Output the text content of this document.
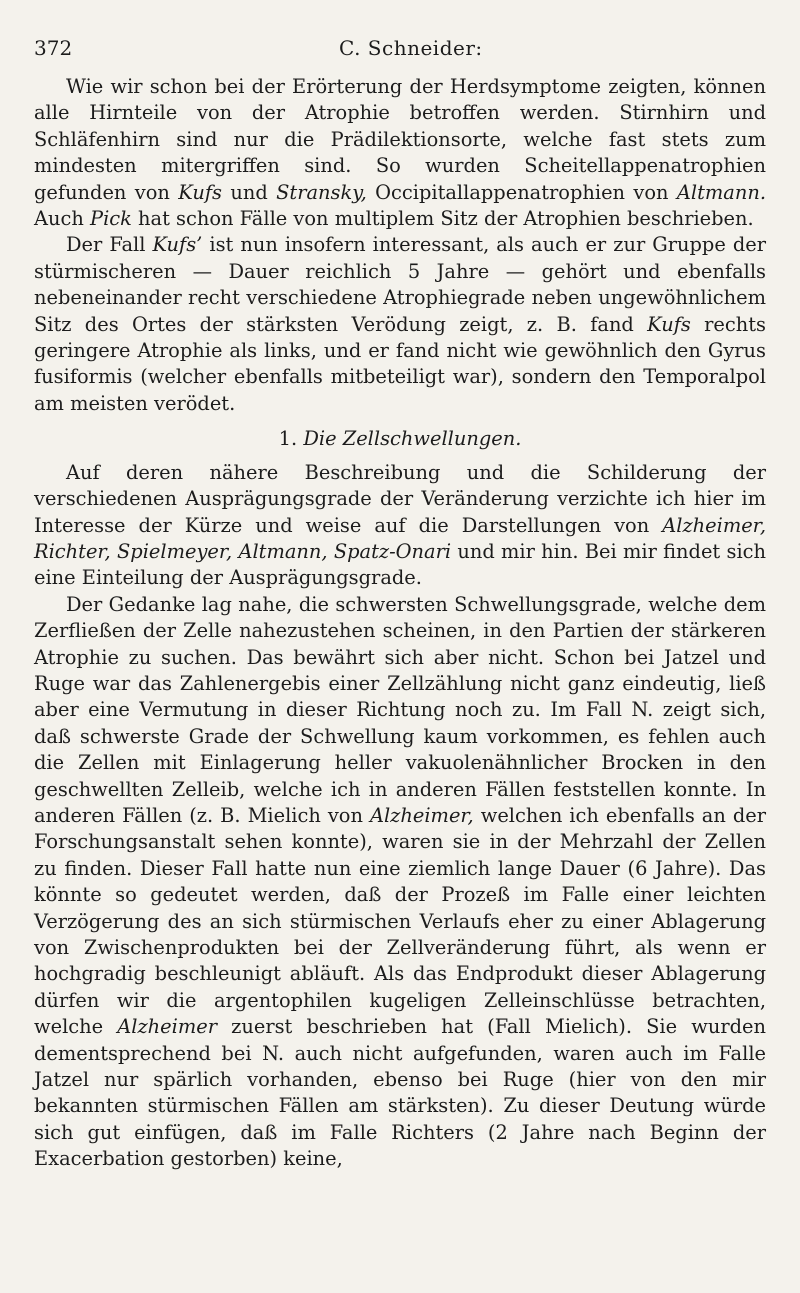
372	C. Schneider:

Wie wir schon bei der Erörterung der Herdsymptome zeigten, können alle Hirnteile von der Atrophie betroffen werden. Stirnhirn und Schläfenhirn sind nur die Prädilektionsorte, welche fast stets zum mindesten mitergriffen sind. So wurden Scheitellappenatrophien gefunden von Kufs und Stransky, Occipitallappenatrophien von Altmann. Auch Pick hat schon Fälle von multiplem Sitz der Atrophien beschrieben.

Der Fall Kufs’ ist nun insofern interessant, als auch er zur Gruppe der stürmischeren — Dauer reichlich 5 Jahre — gehört und ebenfalls nebeneinander recht verschiedene Atrophiegrade neben ungewöhnlichem Sitz des Ortes der stärksten Verödung zeigt, z. B. fand Kufs rechts geringere Atrophie als links, und er fand nicht wie gewöhnlich den Gyrus fusiformis (welcher ebenfalls mitbeteiligt war), sondern den Temporalpol am meisten verödet.

1. Die Zellschwellungen.

Auf deren nähere Beschreibung und die Schilderung der verschiedenen Ausprägungsgrade der Veränderung verzichte ich hier im Interesse der Kürze und weise auf die Darstellungen von Alzheimer, Richter, Spielmeyer, Altmann, Spatz-Onari und mir hin. Bei mir findet sich eine Einteilung der Ausprägungsgrade.

Der Gedanke lag nahe, die schwersten Schwellungsgrade, welche dem Zerfließen der Zelle nahezustehen scheinen, in den Partien der stärkeren Atrophie zu suchen. Das bewährt sich aber nicht. Schon bei Jatzel und Ruge war das Zahlenergebis einer Zellzählung nicht ganz eindeutig, ließ aber eine Vermutung in dieser Richtung noch zu. Im Fall N. zeigt sich, daß schwerste Grade der Schwellung kaum vorkommen, es fehlen auch die Zellen mit Einlagerung heller vakuolenähnlicher Brocken in den geschwellten Zelleib, welche ich in anderen Fällen feststellen konnte. In anderen Fällen (z. B. Mielich von Alzheimer, welchen ich ebenfalls an der Forschungsanstalt sehen konnte), waren sie in der Mehrzahl der Zellen zu finden. Dieser Fall hatte nun eine ziemlich lange Dauer (6 Jahre). Das könnte so gedeutet werden, daß der Prozeß im Falle einer leichten Verzögerung des an sich stürmischen Verlaufs eher zu einer Ablagerung von Zwischenprodukten bei der Zellveränderung führt, als wenn er hochgradig beschleunigt abläuft. Als das Endprodukt dieser Ablagerung dürfen wir die argentophilen kugeligen Zelleinschlüsse betrachten, welche Alzheimer zuerst beschrieben hat (Fall Mielich). Sie wurden dementsprechend bei N. auch nicht aufgefunden, waren auch im Falle Jatzel nur spärlich vorhanden, ebenso bei Ruge (hier von den mir bekannten stürmischen Fällen am stärksten). Zu dieser Deutung würde sich gut einfügen, daß im Falle Richters (2 Jahre nach Beginn der Exacerbation gestorben) keine,
